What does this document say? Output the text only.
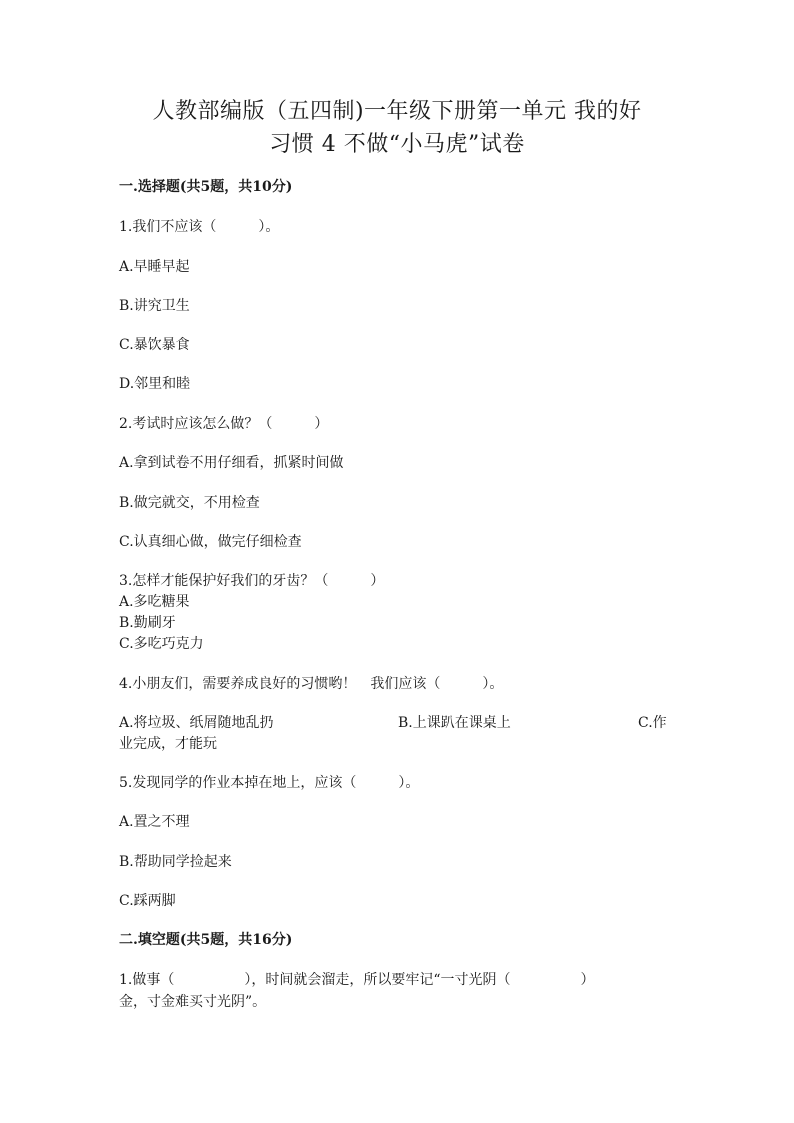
人教部编版（五四制)一年级下册第一单元 我的好
习惯 4 不做“小马虎”试卷
一.选择题(共5题，共10分)
1.我们不应该（　　　）。
A.早睡早起
B.讲究卫生
C.暴饮暴食
D.邻里和睦
2.考试时应该怎么做？（　　　）
A.拿到试卷不用仔细看，抓紧时间做
B.做完就交，不用检查
C.认真细心做，做完仔细检查
3.怎样才能保护好我们的牙齿？（　　　）
A.多吃糖果
B.勤刷牙
C.多吃巧克力
4.小朋友们，需要养成良好的习惯哟！　我们应该（　　　）。
A.将垃圾、纸屑随地乱扔	B.上课趴在课桌上	C.作
业完成，才能玩
5.发现同学的作业本掉在地上，应该（　　　）。
A.置之不理
B.帮助同学捡起来
C.踩两脚
二.填空题(共5题，共16分)
1.做事（　　　　　），时间就会溜走，所以要牢记“一寸光阴（　　　　　）
金，寸金难买寸光阴”。
